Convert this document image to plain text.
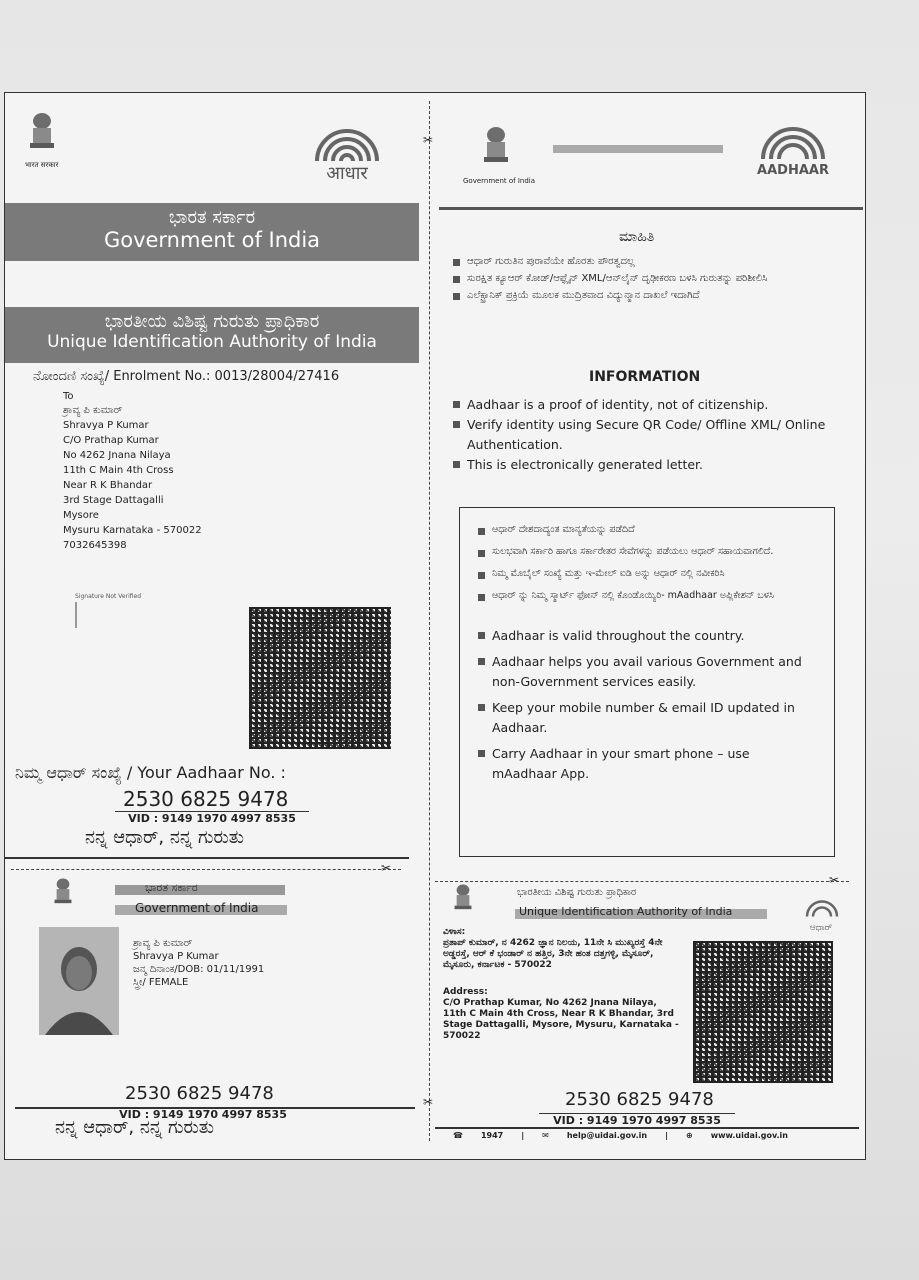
भारत सरकार	आधार
ಭಾರತ ಸರ್ಕಾರ
Government of India
ಭಾರತೀಯ ವಿಶಿಷ್ಟ ಗುರುತು ಪ್ರಾಧಿಕಾರ
Unique Identification Authority of India
ನೋಂದಣಿ ಸಂಖ್ಯೆ/ Enrolment No.: 0013/28004/27416
To
ಶ್ರಾವ್ಯ ಪಿ ಕುಮಾರ್
Shravya P Kumar
C/O Prathap Kumar
No 4262 Jnana Nilaya
11th C Main 4th Cross
Near R K Bhandar
3rd Stage Dattagalli
Mysore
Mysuru Karnataka - 570022
7032645398
Signature Not Verified
ನಿಮ್ಮ ಆಧಾರ್ ಸಂಖ್ಯೆ / Your Aadhaar No. :
2530 6825 9478
VID : 9149 1970 4997 8535
ನನ್ನ ಆಧಾರ್, ನನ್ನ ಗುರುತು
✂
✂
Government of India
AADHAAR
ಮಾಹಿತಿ
ಆಧಾರ್ ಗುರುತಿನ ಪುರಾವೆಯೇ ಹೊರತು ಪೌರತ್ವದಲ್ಲ
ಸುರಕ್ಷಿತ ಕ್ಯೂಆರ್ ಕೋಡ್/ಆಫ್ಲೈನ್ XML/ಆನ್‌ಲೈನ್ ದೃಢೀಕರಣ ಬಳಸಿ ಗುರುತನ್ನು ಪರಿಶೀಲಿಸಿ
ಎಲೆಕ್ಟ್ರಾನಿಕ್ ಪ್ರಕ್ರಿಯೆ ಮೂಲಕ ಮುದ್ರಿತವಾದ ವಿದ್ಯುನ್ಮಾನ ದಾಖಲೆ ಇದಾಗಿದೆ
INFORMATION
Aadhaar is a proof of identity, not of citizenship.
Verify identity using Secure QR Code/ Offline XML/ Online Authentication.
This is electronically generated letter.
ಆಧಾರ್ ದೇಶದಾದ್ಯಂತ ಮಾನ್ಯತೆಯನ್ನು ಪಡೆದಿದೆ
ಸುಲಭವಾಗಿ ಸರ್ಕಾರಿ ಹಾಗೂ ಸರ್ಕಾರೇತರ ಸೇವೆಗಳನ್ನು ಪಡೆಯಲು ಆಧಾರ್ ಸಹಾಯವಾಗಲಿದೆ.
ನಿಮ್ಮ ಮೊಬೈಲ್ ಸಂಖ್ಯೆ ಮತ್ತು ಇ-ಮೇಲ್ ಐಡಿ ಅನ್ನು ಆಧಾರ್ ನಲ್ಲಿ ನವೀಕರಿಸಿ
ಆಧಾರ್ ನ್ನು ನಿಮ್ಮ ಸ್ಮಾರ್ಟ್ ಫೋನ್ ನಲ್ಲಿ ಕೊಂಡೊಯ್ಯಿರಿ- mAadhaar ಅಪ್ಲಿಕೇಶನ್ ಬಳಸಿ
Aadhaar is valid throughout the country.
Aadhaar helps you avail various Government and non-Government services easily.
Keep your mobile number & email ID updated in Aadhaar.
Carry Aadhaar in your smart phone – use mAadhaar App.
✂
✂
ಭಾರತ ಸರ್ಕಾರ
Government of India
ಶ್ರಾವ್ಯ ಪಿ ಕುಮಾರ್
Shravya P Kumar
ಜನ್ಮ ದಿನಾಂಕ/DOB: 01/11/1991
ಸ್ತ್ರೀ/ FEMALE
2530 6825 9478
VID : 9149 1970 4997 8535
ನನ್ನ ಆಧಾರ್, ನನ್ನ ಗುರುತು
ಭಾರತೀಯ ವಿಶಿಷ್ಟ ಗುರುತು ಪ್ರಾಧಿಕಾರ
Unique Identification Authority of India
ಆಧಾರ್
ವಿಳಾಸ:
ಪ್ರತಾಪ್ ಕುಮಾರ್, ನ 4262 ಜ್ಞಾನ ನಿಲಯ, 11ನೇ ಸಿ ಮುಖ್ಯರಸ್ತೆ 4ನೇ ಅಡ್ಡರಸ್ತೆ, ಆರ್ ಕೆ ಭಂಡಾರ್ ನ ಹತ್ತಿರ, 3ನೇ ಹಂತ ದತ್ತಗಳ್ಳಿ, ಮೈಸೂರ್, ಮೈಸೂರು, ಕರ್ನಾಟಕ - 570022
Address:
C/O Prathap Kumar, No 4262 Jnana Nilaya, 11th C Main 4th Cross, Near R K Bhandar, 3rd Stage Dattagalli, Mysore, Mysuru, Karnataka - 570022
2530 6825 9478
VID : 9149 1970 4997 8535
☎ 1947 | ✉ help@uidai.gov.in | ⊕ www.uidai.gov.in
